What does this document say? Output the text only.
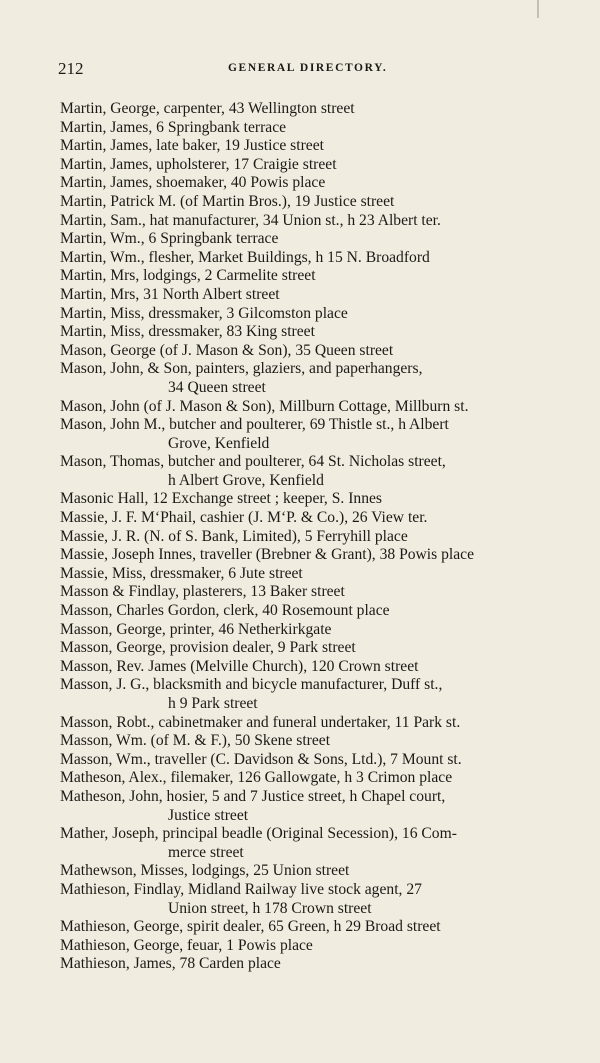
212	GENERAL DIRECTORY.

Martin, George, carpenter, 43 Wellington street

Martin, James, 6 Springbank terrace

Martin, James, late baker, 19 Justice street

Martin, James, upholsterer, 17 Craigie street

Martin, James, shoemaker, 40 Powis place

Martin, Patrick M. (of Martin Bros.), 19 Justice street

Martin, Sam., hat manufacturer, 34 Union st., h 23 Albert ter.

Martin, Wm., 6 Springbank terrace

Martin, Wm., flesher, Market Buildings, h 15 N. Broadford

Martin, Mrs, lodgings, 2 Carmelite street

Martin, Mrs, 31 North Albert street

Martin, Miss, dressmaker, 3 Gilcomston place

Martin, Miss, dressmaker, 83 King street

Mason, George (of J. Mason & Son), 35 Queen street

Mason, John, & Son, painters, glaziers, and paperhangers,
34 Queen street

Mason, John (of J. Mason & Son), Millburn Cottage, Millburn st.

Mason, John M., butcher and poulterer, 69 Thistle st., h Albert
Grove, Kenfield

Mason, Thomas, butcher and poulterer, 64 St. Nicholas street,
h Albert Grove, Kenfield

Masonic Hall, 12 Exchange street ; keeper, S. Innes

Massie, J. F. M‘Phail, cashier (J. M‘P. & Co.), 26 View ter.

Massie, J. R. (N. of S. Bank, Limited), 5 Ferryhill place

Massie, Joseph Innes, traveller (Brebner & Grant), 38 Powis place

Massie, Miss, dressmaker, 6 Jute street

Masson & Findlay, plasterers, 13 Baker street

Masson, Charles Gordon, clerk, 40 Rosemount place

Masson, George, printer, 46 Netherkirkgate

Masson, George, provision dealer, 9 Park street

Masson, Rev. James (Melville Church), 120 Crown street

Masson, J. G., blacksmith and bicycle manufacturer, Duff st.,
h 9 Park street

Masson, Robt., cabinetmaker and funeral undertaker, 11 Park st.

Masson, Wm. (of M. & F.), 50 Skene street

Masson, Wm., traveller (C. Davidson & Sons, Ltd.), 7 Mount st.

Matheson, Alex., filemaker, 126 Gallowgate, h 3 Crimon place

Matheson, John, hosier, 5 and 7 Justice street, h Chapel court,
Justice street

Mather, Joseph, principal beadle (Original Secession), 16 Com-
merce street

Mathewson, Misses, lodgings, 25 Union street

Mathieson, Findlay, Midland Railway live stock agent, 27
Union street, h 178 Crown street

Mathieson, George, spirit dealer, 65 Green, h 29 Broad street

Mathieson, George, feuar, 1 Powis place

Mathieson, James, 78 Carden place
